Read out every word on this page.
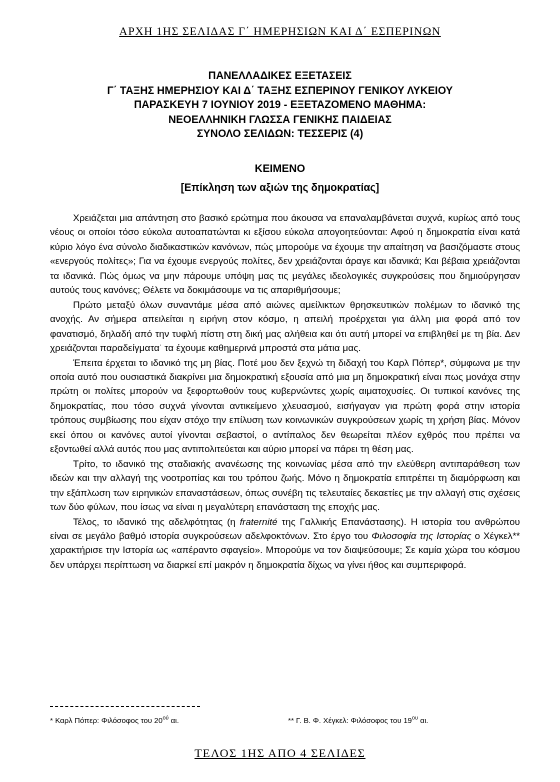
ΑΡΧΗ 1ΗΣ ΣΕΛΙΔΑΣ Γ΄ ΗΜΕΡΗΣΙΩΝ ΚΑΙ Δ΄ ΕΣΠΕΡΙΝΩΝ
ΠΑΝΕΛΛΑΔΙΚΕΣ ΕΞΕΤΑΣΕΙΣ
Γ΄ ΤΑΞΗΣ ΗΜΕΡΗΣΙΟΥ ΚΑΙ Δ΄ ΤΑΞΗΣ ΕΣΠΕΡΙΝΟΥ ΓΕΝΙΚΟΥ ΛΥΚΕΙΟΥ
ΠΑΡΑΣΚΕΥΗ 7 ΙΟΥΝΙΟΥ 2019 - ΕΞΕΤΑΖΟΜΕΝΟ ΜΑΘΗΜΑ:
ΝΕΟΕΛΛΗΝΙΚΗ ΓΛΩΣΣΑ ΓΕΝΙΚΗΣ ΠΑΙΔΕΙΑΣ
ΣΥΝΟΛΟ ΣΕΛΙΔΩΝ: ΤΕΣΣΕΡΙΣ (4)
ΚΕΙΜΕΝΟ
[Επίκληση των αξιών της δημοκρατίας]

Χρειάζεται μια απάντηση στο βασικό ερώτημα που άκουσα να επαναλαμβάνεται συχνά, κυρίως από τους νέους οι οποίοι τόσο εύκολα αυτοαπατώνται κι εξίσου εύκολα απογοητεύονται: Αφού η δημοκρατία είναι κατά κύριο λόγο ένα σύνολο διαδικαστικών κανόνων, πώς μπορούμε να έχουμε την απαίτηση να βασιζόμαστε στους «ενεργούς πολίτες»; Για να έχουμε ενεργούς πολίτες, δεν χρειάζονται άραγε και ιδανικά; Και βέβαια χρειάζονται τα ιδανικά. Πώς όμως να μην πάρουμε υπόψη μας τις μεγάλες ιδεολογικές συγκρούσεις που δημιούργησαν αυτούς τους κανόνες; Θέλετε να δοκιμάσουμε να τις απαριθμήσουμε;

Πρώτο μεταξύ όλων συναντάμε μέσα από αιώνες αμείλικτων θρησκευτικών πολέμων το ιδανικό της ανοχής. Αν σήμερα απειλείται η ειρήνη στον κόσμο, η απειλή προέρχεται για άλλη μια φορά από τον φανατισμό, δηλαδή από την τυφλή πίστη στη δική μας αλήθεια και ότι αυτή μπορεί να επιβληθεί με τη βία. Δεν χρειάζονται παραδείγματα· τα έχουμε καθημερινά μπροστά στα μάτια μας.

Έπειτα έρχεται το ιδανικό της μη βίας. Ποτέ μου δεν ξεχνώ τη διδαχή του Καρλ Πόπερ*, σύμφωνα με την οποία αυτό που ουσιαστικά διακρίνει μια δημοκρατική εξουσία από μια μη δημοκρατική είναι πως μονάχα στην πρώτη οι πολίτες μπορούν να ξεφορτωθούν τους κυβερνώντες χωρίς αιματοχυσίες. Οι τυπικοί κανόνες της δημοκρατίας, που τόσο συχνά γίνονται αντικείμενο χλευασμού, εισήγαγαν για πρώτη φορά στην ιστορία τρόπους συμβίωσης που είχαν στόχο την επίλυση των κοινωνικών συγκρούσεων χωρίς τη χρήση βίας. Μόνον εκεί όπου οι κανόνες αυτοί γίνονται σεβαστοί, ο αντίπαλος δεν θεωρείται πλέον εχθρός που πρέπει να εξοντωθεί αλλά αυτός που μας αντιπολιτεύεται και αύριο μπορεί να πάρει τη θέση μας.

Τρίτο, το ιδανικό της σταδιακής ανανέωσης της κοινωνίας μέσα από την ελεύθερη αντιπαράθεση των ιδεών και την αλλαγή της νοοτροπίας και του τρόπου ζωής. Μόνο η δημοκρατία επιτρέπει τη διαμόρφωση και την εξάπλωση των ειρηνικών επαναστάσεων, όπως συνέβη τις τελευταίες δεκαετίες με την αλλαγή στις σχέσεις των δύο φύλων, που ίσως να είναι η μεγαλύτερη επανάσταση της εποχής μας.

Τέλος, το ιδανικό της αδελφότητας (η fraternité της Γαλλικής Επανάστασης). Η ιστορία του ανθρώπου είναι σε μεγάλο βαθμό ιστορία συγκρούσεων αδελφοκτόνων. Στο έργο του Φιλοσοφία της Ιστορίας ο Χέγκελ** χαρακτήρισε την Ιστορία ως «απέραντο σφαγείο». Μπορούμε να τον διαψεύσουμε; Σε καμία χώρα του κόσμου δεν υπάρχει περίπτωση να διαρκεί επί μακρόν η δημοκρατία δίχως να γίνει ήθος και συμπεριφορά.

* Καρλ Πόπερ: Φιλόσοφος του $20^{oύ}$ αι.	** Γ. Β. Φ. Χέγκελ: Φιλόσοφος του $19^{o\upsilon}$ αι.
ΤΕΛΟΣ 1ΗΣ ΑΠΟ 4 ΣΕΛΙΔΕΣ
